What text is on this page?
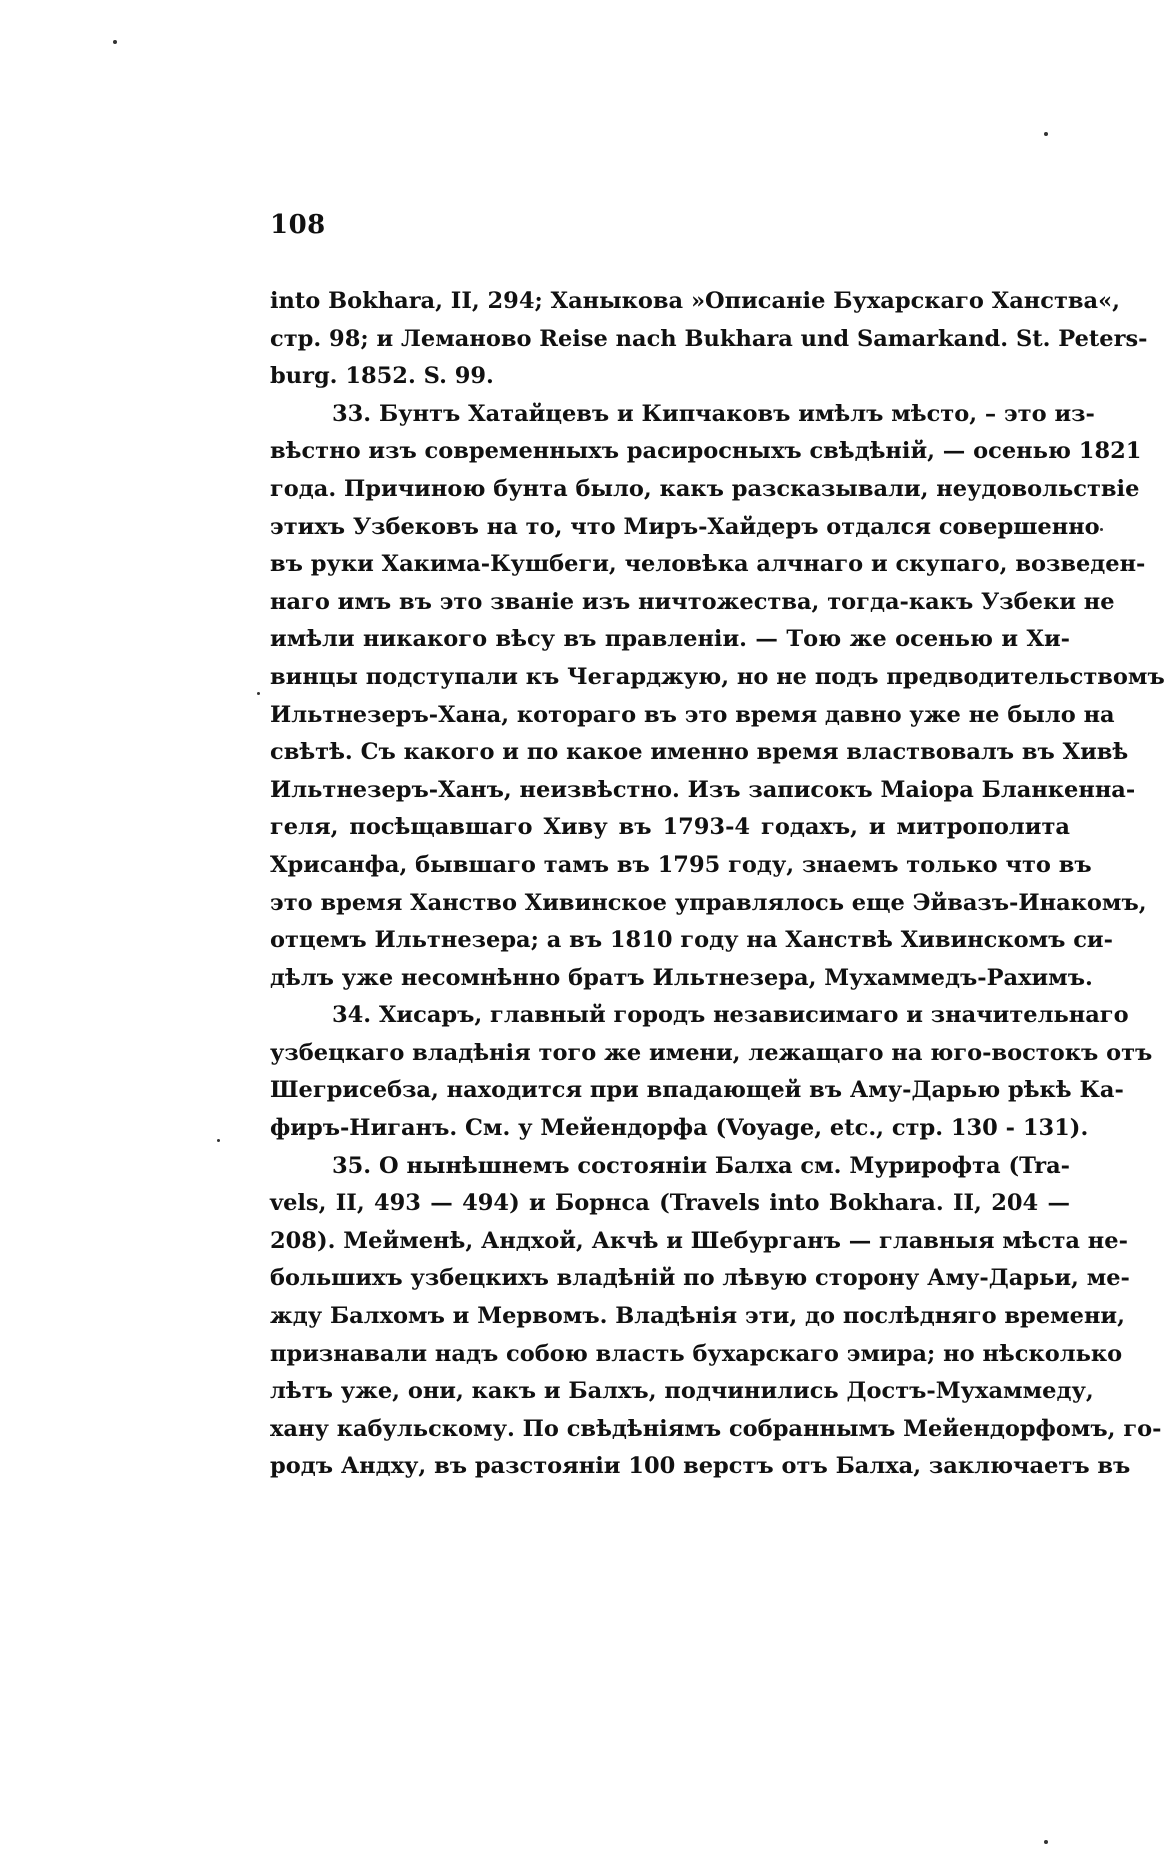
108
into Bokhara, II, 294; Ханыкова »Описаніе Бухарскаго Ханства«,
стр. 98; и Леманово Reise nach Bukhara und Samarkand. St. Peters-
burg. 1852. S. 99.
33. Бунтъ Хатайцевъ и Кипчаковъ имѣлъ мѣсто, – это из-
вѣстно изъ современныхъ расиросныхъ свѣдѣній, — осенью 1821
года. Причиною бунта было, какъ разсказывали, неудовольствіе
этихъ Узбековъ на то, что Миръ-Хайдеръ отдался совершенно
въ руки Хакима-Кушбеги, человѣка алчнаго и скупаго, возведен-
наго имъ въ это званіе изъ ничтожества, тогда-какъ Узбеки не
имѣли никакого вѣсу въ правленіи. — Тою же осенью и Хи-
винцы подступали къ Чегарджую, но не подъ предводительствомъ
Ильтнезеръ-Хана, котораго въ это время давно уже не было на
свѣтѣ. Съ какого и по какое именно время властвовалъ въ Хивѣ
Ильтнезеръ-Ханъ, неизвѣстно. Изъ записокъ Маіора Бланкенна-
геля, посѣщавшаго Хиву въ 1793-4 годахъ, и митрополита
Хрисанфа, бывшаго тамъ въ 1795 году, знаемъ только что въ
это время Ханство Хивинское управлялось еще Эйвазъ-Инакомъ,
отцемъ Ильтнезера; а въ 1810 году на Ханствѣ Хивинскомъ си-
дѣлъ уже несомнѣнно братъ Ильтнезера, Мухаммедъ-Рахимъ.
34. Хисаръ, главный городъ независимаго и значительнаго
узбецкаго владѣнія того же имени, лежащаго на юго-востокъ отъ
Шегрисебза, находится при впадающей въ Аму-Дарью рѣкѣ Ка-
фиръ-Ниганъ. См. у Мейендорфа (Voyage, etc., стр. 130 - 131).
35. О нынѣшнемъ состояніи Балха см. Мурирофта (Tra-
vels, II, 493 — 494) и Борнса (Travels into Bokhara. II, 204 —
208). Мейменѣ, Андхой, Акчѣ и Шебурганъ — главныя мѣста не-
большихъ узбецкихъ владѣній по лѣвую сторону Аму-Дарьи, ме-
жду Балхомъ и Мервомъ. Владѣнія эти, до послѣдняго времени,
признавали надъ собою власть бухарскаго эмира; но нѣсколько
лѣтъ уже, они, какъ и Балхъ, подчинились Достъ-Мухаммеду,
хану кабульскому. По свѣдѣніямъ собраннымъ Мейендорфомъ, го-
родъ Андху, въ разстояніи 100 верстъ отъ Балха, заключаетъ въ
